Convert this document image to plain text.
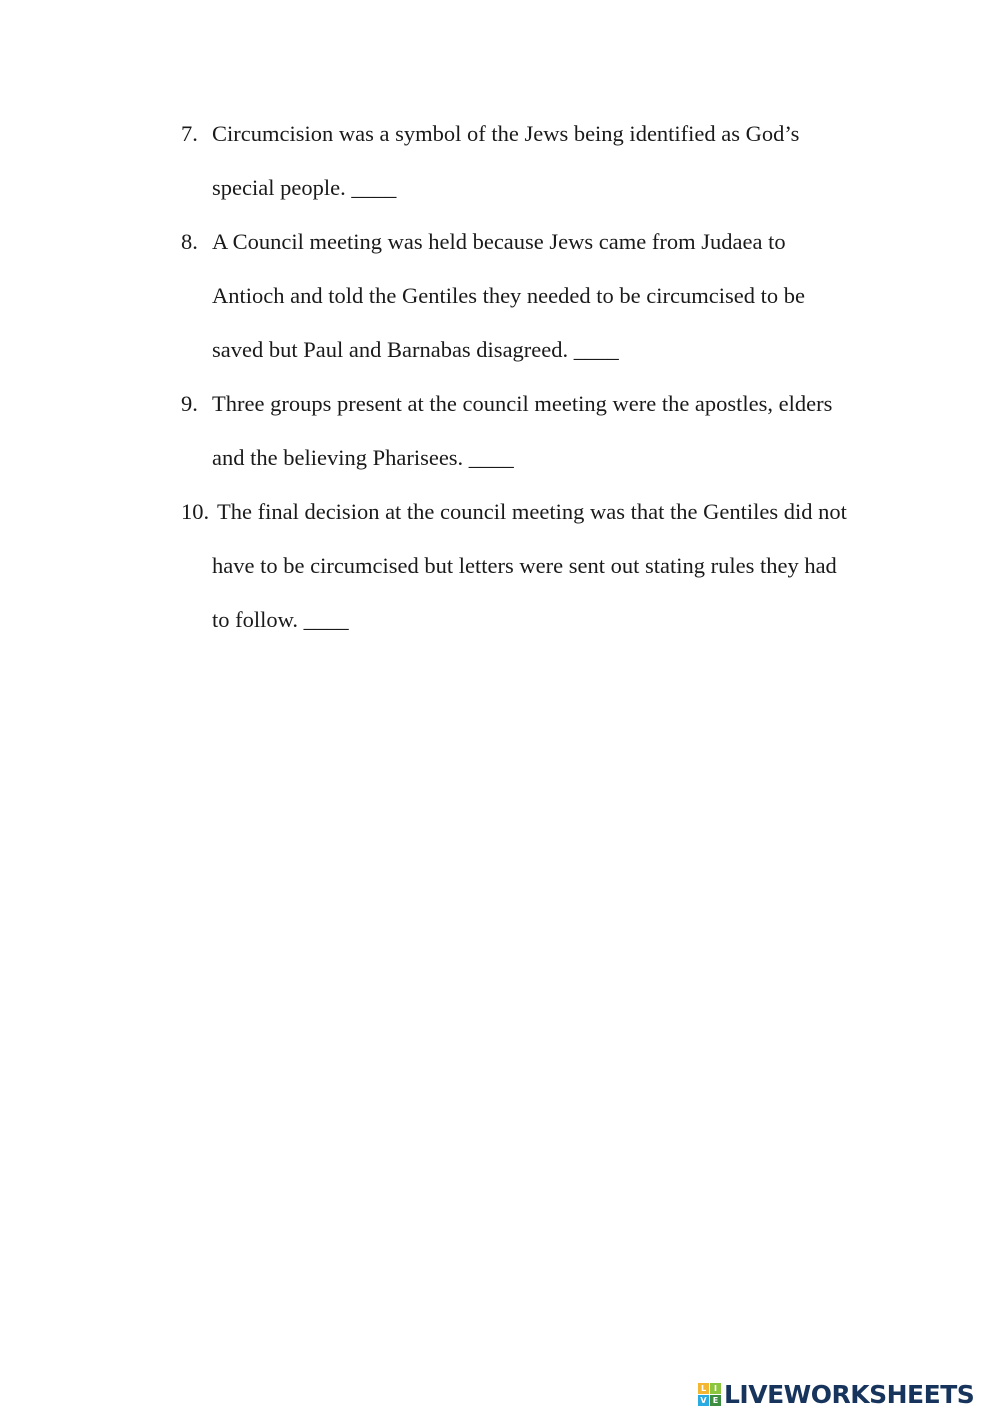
7. Circumcision was a symbol of the Jews being identified as God’s
special people. ____
8. A Council meeting was held because Jews came from Judaea to
Antioch and told the Gentiles they needed to be circumcised to be
saved but Paul and Barnabas disagreed. ____
9. Three groups present at the council meeting were the apostles, elders
and the believing Pharisees. ____
10. The final decision at the council meeting was that the Gentiles did not
have to be circumcised but letters were sent out stating rules they had
to follow. ____
L I
V E LIVEWORKSHEETS
